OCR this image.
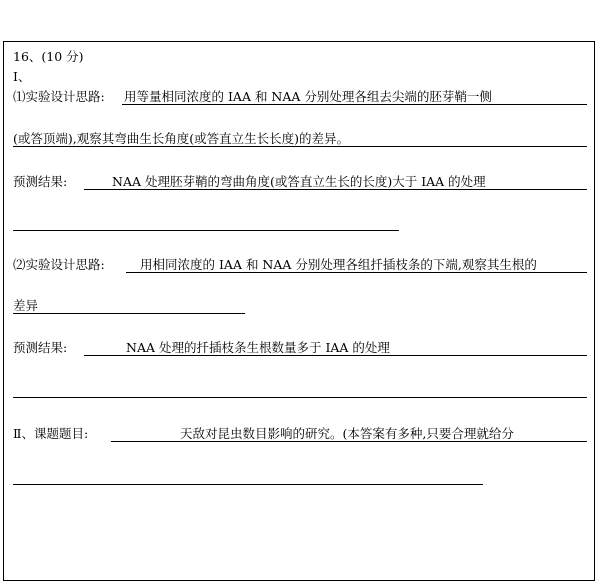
16、(10 分)
Ⅰ、
⑴实验设计思路: 用等量相同浓度的 IAA 和 NAA 分别处理各组去尖端的胚芽鞘一侧
(或答顶端),观察其弯曲生长角度(或答直立生长长度)的差异。
预测结果:	NAA 处理胚芽鞘的弯曲角度(或答直立生长的长度)大于 IAA 的处理
⑵实验设计思路:	用相同浓度的 IAA 和 NAA 分别处理各组扦插枝条的下端,观察其生根的
差异
预测结果:	NAA 处理的扦插枝条生根数量多于 IAA 的处理
Ⅱ、课题题目:	天敌对昆虫数目影响的研究。(本答案有多种,只要合理就给分
